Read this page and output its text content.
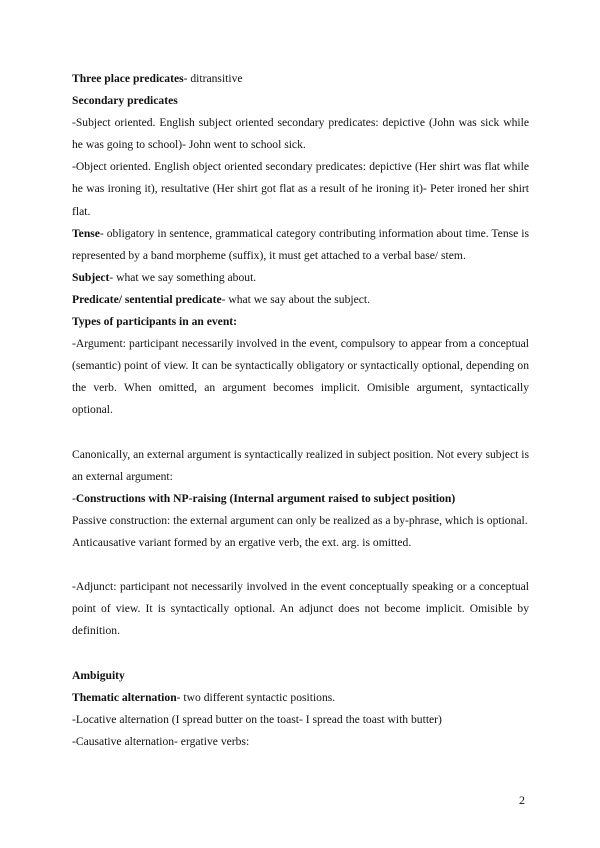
Three place predicates- ditransitive

Secondary predicates

-Subject oriented. English subject oriented secondary predicates: depictive (John was sick while he was going to school)- John went to school sick.

-Object oriented. English object oriented secondary predicates: depictive (Her shirt was flat while he was ironing it), resultative (Her shirt got flat as a result of he ironing it)- Peter ironed her shirt flat.

Tense- obligatory in sentence, grammatical category contributing information about time. Tense is represented by a band morpheme (suffix), it must get attached to a verbal base/ stem.

Subject- what we say something about.

Predicate/ sentential predicate- what we say about the subject.

Types of participants in an event:

-Argument: participant necessarily involved in the event, compulsory to appear from a conceptual (semantic) point of view. It can be syntactically obligatory or syntactically optional, depending on the verb. When omitted, an argument becomes implicit. Omisible argument, syntactically optional.

Canonically, an external argument is syntactically realized in subject position. Not every subject is an external argument:

-Constructions with NP-raising (Internal argument raised to subject position)

Passive construction: the external argument can only be realized as a by-phrase, which is optional.

Anticausative variant formed by an ergative verb, the ext. arg. is omitted.

-Adjunct: participant not necessarily involved in the event conceptually speaking or a conceptual point of view. It is syntactically optional. An adjunct does not become implicit. Omisible by definition.

Ambiguity

Thematic alternation- two different syntactic positions.

-Locative alternation (I spread butter on the toast- I spread the toast with butter)

-Causative alternation- ergative verbs:

2
